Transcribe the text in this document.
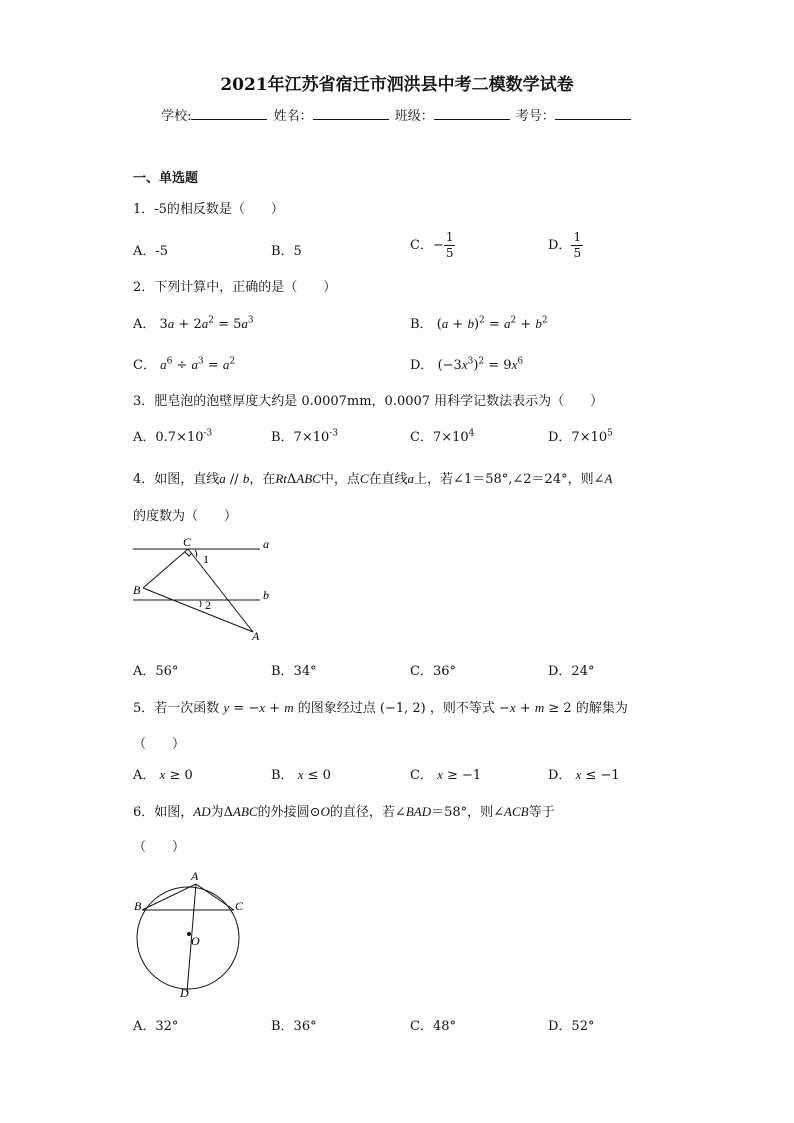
2021年江苏省宿迁市泗洪县中考二模数学试卷
学校:	姓名：	班级：	考号：
一、单选题
1．-5的相反数是（　　）
A．-5	B．5	C．− $\frac{1}{5}$	D． $\frac{1}{5}$
2．下列计算中，正确的是（　　）
A． $3a + 2a^2 = 5a^3$	B． $(a + b)^2 = a^2 + b^2$
C． $a^6 \div a^3 = a^2$	D． $(-3x^3)^2 = 9x^6$
3．肥皂泡的泡壁厚度大约是 0.0007mm，0.0007 用科学记数法表示为（　　）
A．$0.7\times 10^{-3}$	B．$7\times 10^{-3}$	C．$7\times 10^4$	D．$7\times 10^5$
4．如图，直线a // b，在RtΔABC中，点C在直线a上，若∠1＝58°,∠2＝24°，则∠A
的度数为（　　）
C	a
B	b
A
1
2
A．56°	B．34°	C．36°	D．24°
5．若一次函数 y = −x + m 的图象经过点 (−1, 2) ，则不等式 −x + m ≥ 2 的解集为
（　　）
A． x ≥ 0	B． x ≤ 0	C． x ≥ −1	D． x ≤ −1
6．如图，AD为ΔABC的外接圆⊙O的直径，若∠BAD＝58°，则∠ACB等于
（　　）
A
B	C
O
D
A．32°	B．36°	C．48°	D．52°
